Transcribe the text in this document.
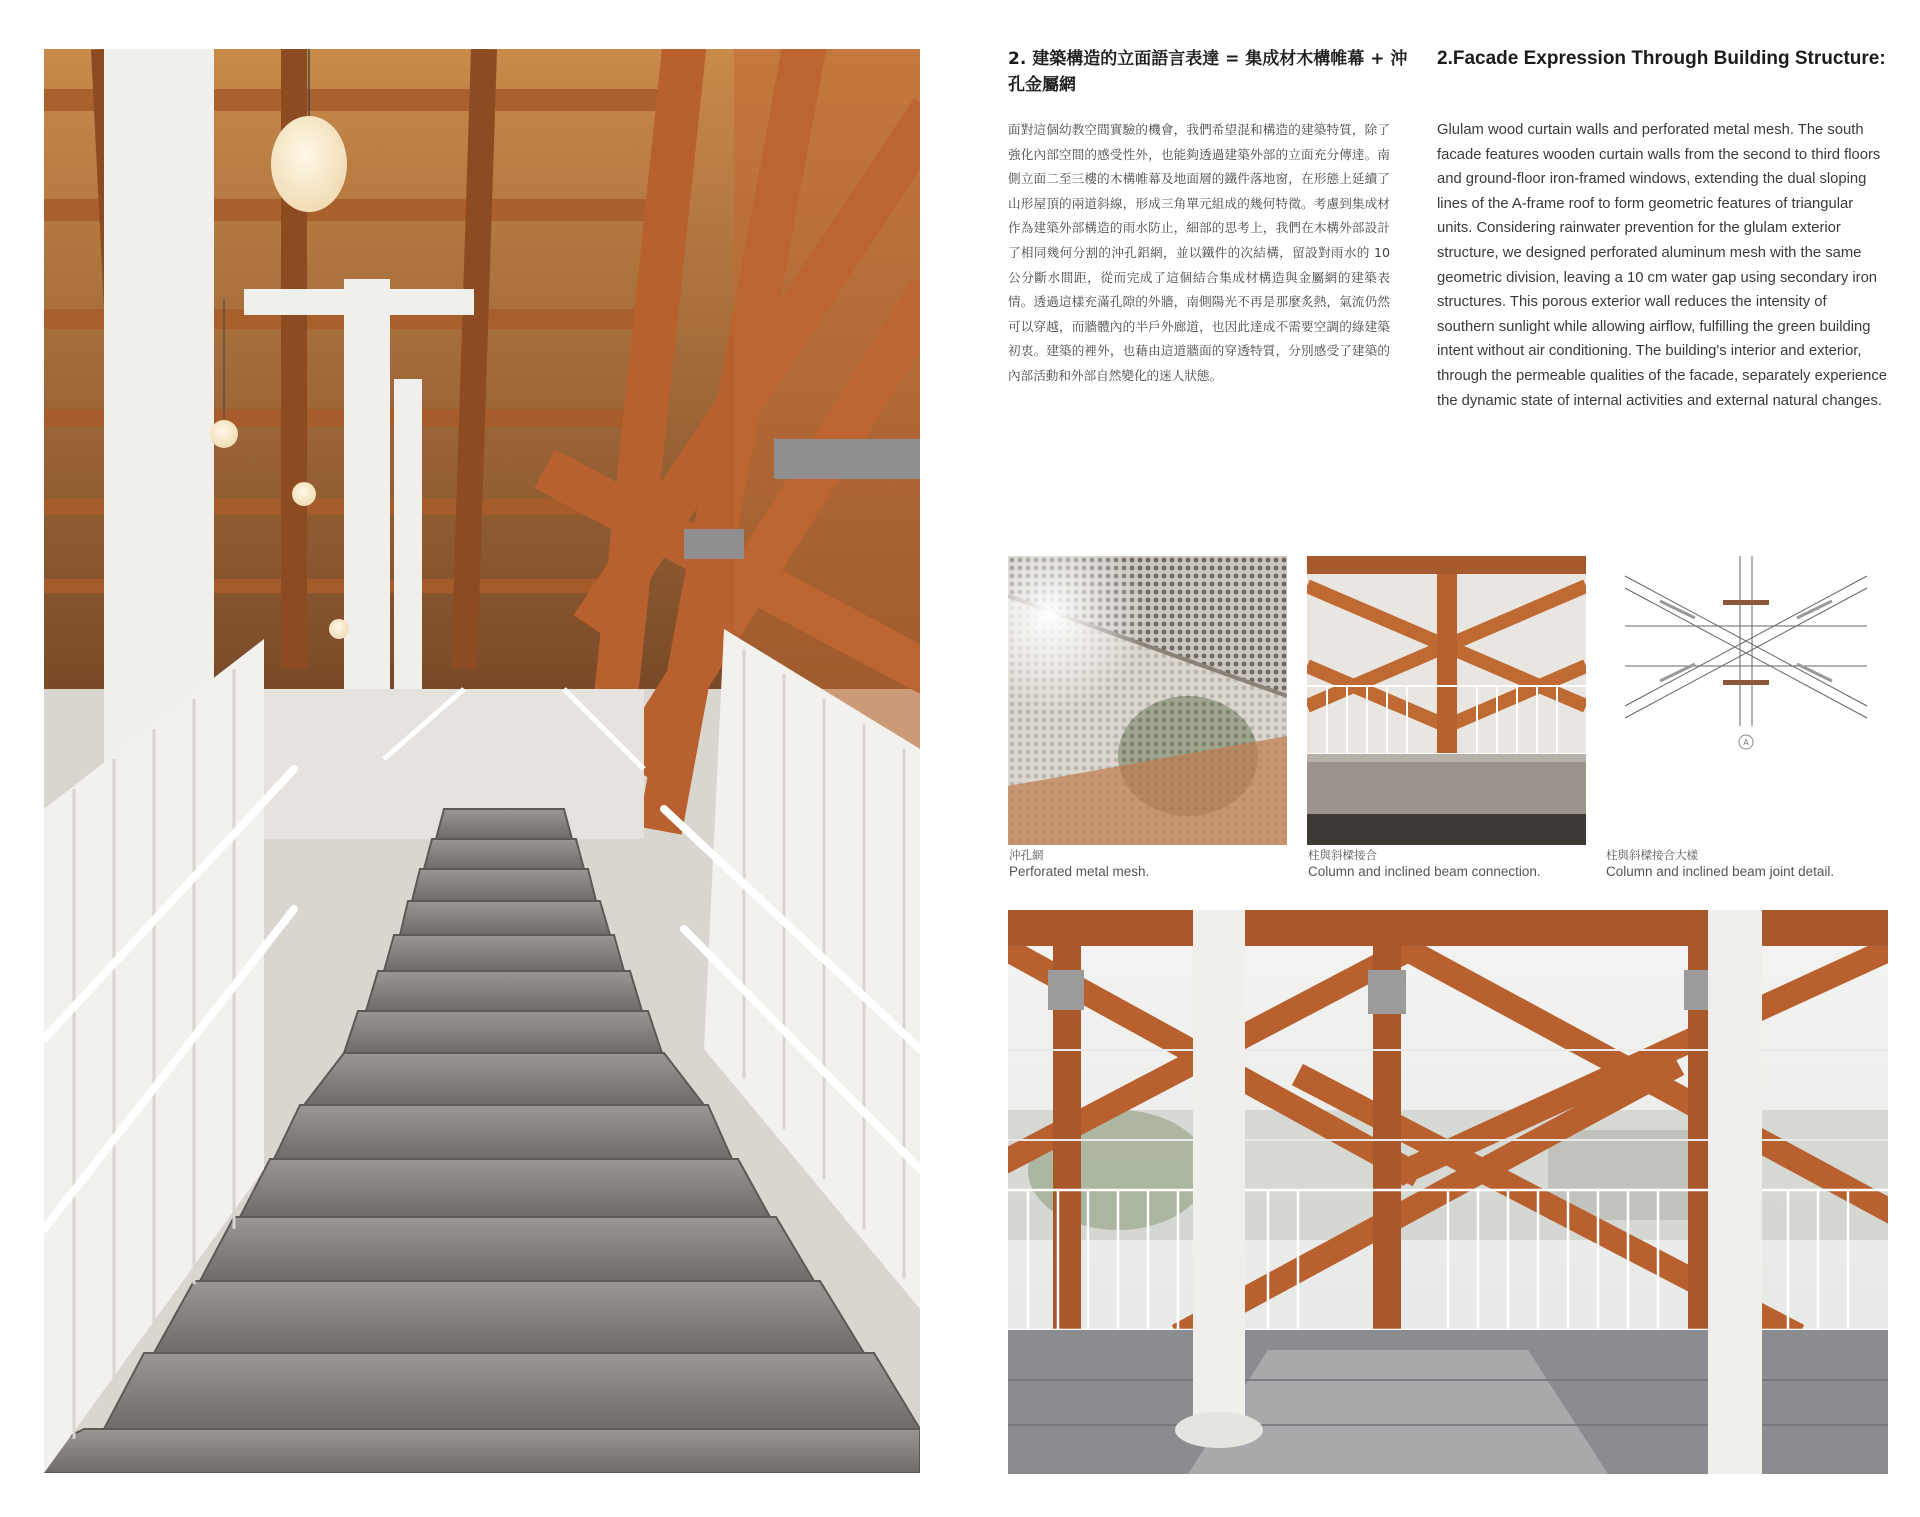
2. 建築構造的立面語言表達 = 集成材木構帷幕 + 沖孔金屬網
2.Facade Expression Through Building Structure:

面對這個幼教空間實驗的機會，我們希望混和構造的建築特質，除了強化內部空間的感受性外，也能夠透過建築外部的立面充分傳達。南側立面二至三樓的木構帷幕及地面層的鐵件落地窗，在形態上延續了山形屋頂的兩道斜線，形成三角單元組成的幾何特徵。考慮到集成材作為建築外部構造的雨水防止，細部的思考上，我們在木構外部設計了相同幾何分割的沖孔鋁網，並以鐵件的次結構，留設對雨水的 10 公分斷水間距，從而完成了這個結合集成材構造與金屬網的建築表情。透過這樣充滿孔隙的外牆，南側陽光不再是那麼炙熱，氣流仍然可以穿越，而牆體內的半戶外廊道，也因此達成不需要空調的綠建築初衷。建築的裡外，也藉由這道牆面的穿透特質，分別感受了建築的內部活動和外部自然變化的迷人狀態。

Glulam wood curtain walls and perforated metal mesh. The south facade features wooden curtain walls from the second to third floors and ground-floor iron-framed windows, extending the dual sloping lines of the A-frame roof to form geometric features of triangular units. Considering rainwater prevention for the glulam exterior structure, we designed perforated aluminum mesh with the same geometric division, leaving a 10 cm water gap using secondary iron structures. This porous exterior wall reduces the intensity of southern sunlight while allowing airflow, fulfilling the green building intent without air conditioning. The building's interior and exterior, through the permeable qualities of the facade, separately experience the dynamic state of internal activities and external natural changes.

A
沖孔網
Perforated metal mesh.
柱與斜樑接合
Column and inclined beam connection.
柱與斜樑接合大樣
Column and inclined beam joint detail.
